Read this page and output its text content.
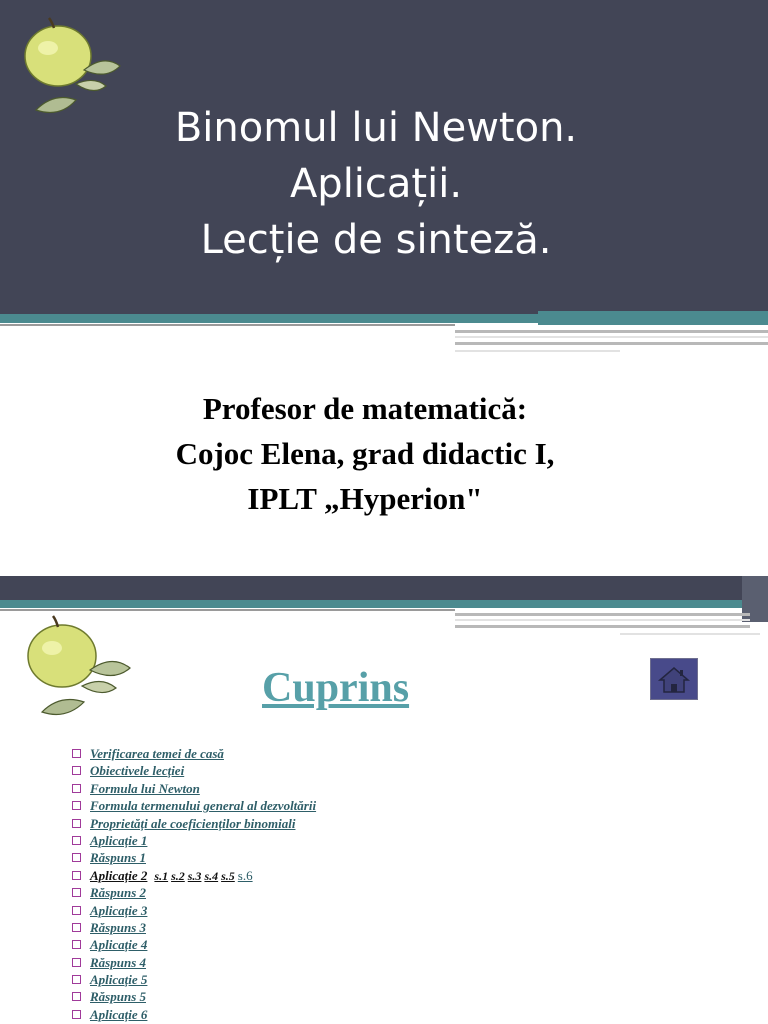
Binomul lui Newton.
Aplicații.
Lecție de sinteză.
Profesor de matematică:
Cojoc Elena, grad didactic I,
IPLT „Hyperion"
Cuprins
Verificarea temei de casă
Obiectivele lecției
Formula lui Newton
Formula termenului general al dezvoltării
Proprietăți ale coeficienților binomiali
Aplicație 1
Răspuns 1
Aplicație 2 s.1 s.2 s.3 s.4 s.5 s.6
Răspuns 2
Aplicație 3
Răspuns 3
Aplicație 4
Răspuns 4
Aplicație 5
Răspuns 5
Aplicație 6
